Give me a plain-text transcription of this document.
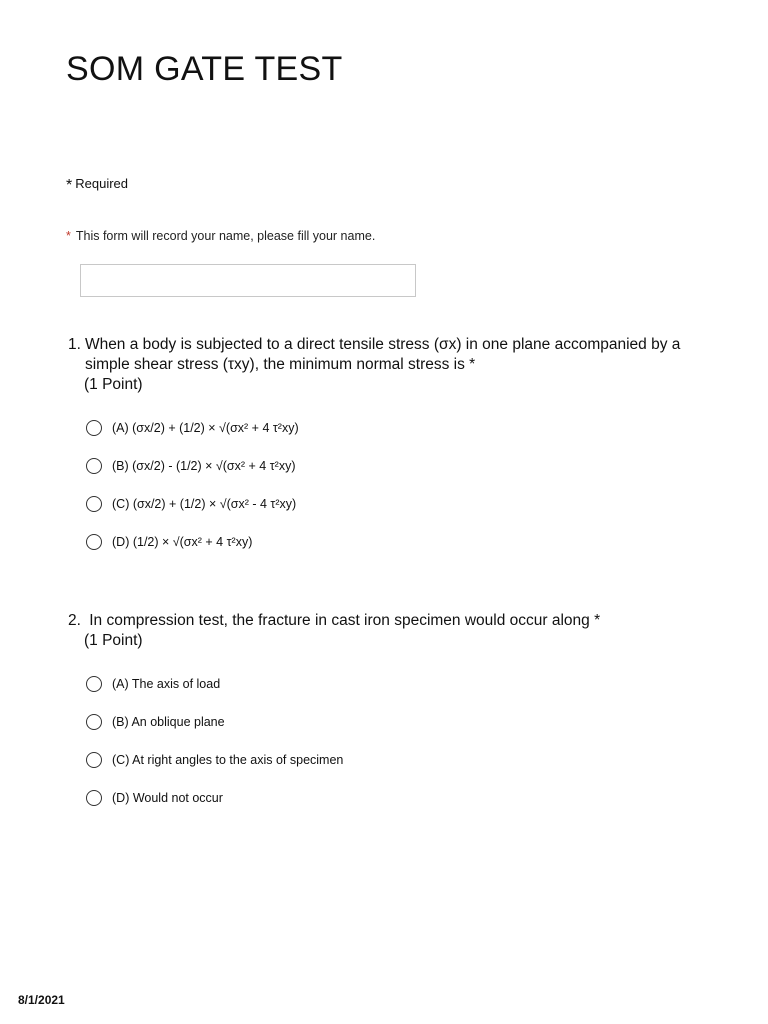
SOM GATE TEST
* Required
* This form will record your name, please fill your name.
1. When a body is subjected to a direct tensile stress (σx) in one plane accompanied by a simple shear stress (τxy), the minimum normal stress is *
(1 Point)
(A) (σx/2) + (1/2) × √(σx² + 4 τ²xy)
(B) (σx/2) - (1/2) × √(σx² + 4 τ²xy)
(C) (σx/2) + (1/2) × √(σx² - 4 τ²xy)
(D) (1/2) × √(σx² + 4 τ²xy)
2. In compression test, the fracture in cast iron specimen would occur along *
(1 Point)
(A) The axis of load
(B) An oblique plane
(C) At right angles to the axis of specimen
(D) Would not occur
8/1/2021
